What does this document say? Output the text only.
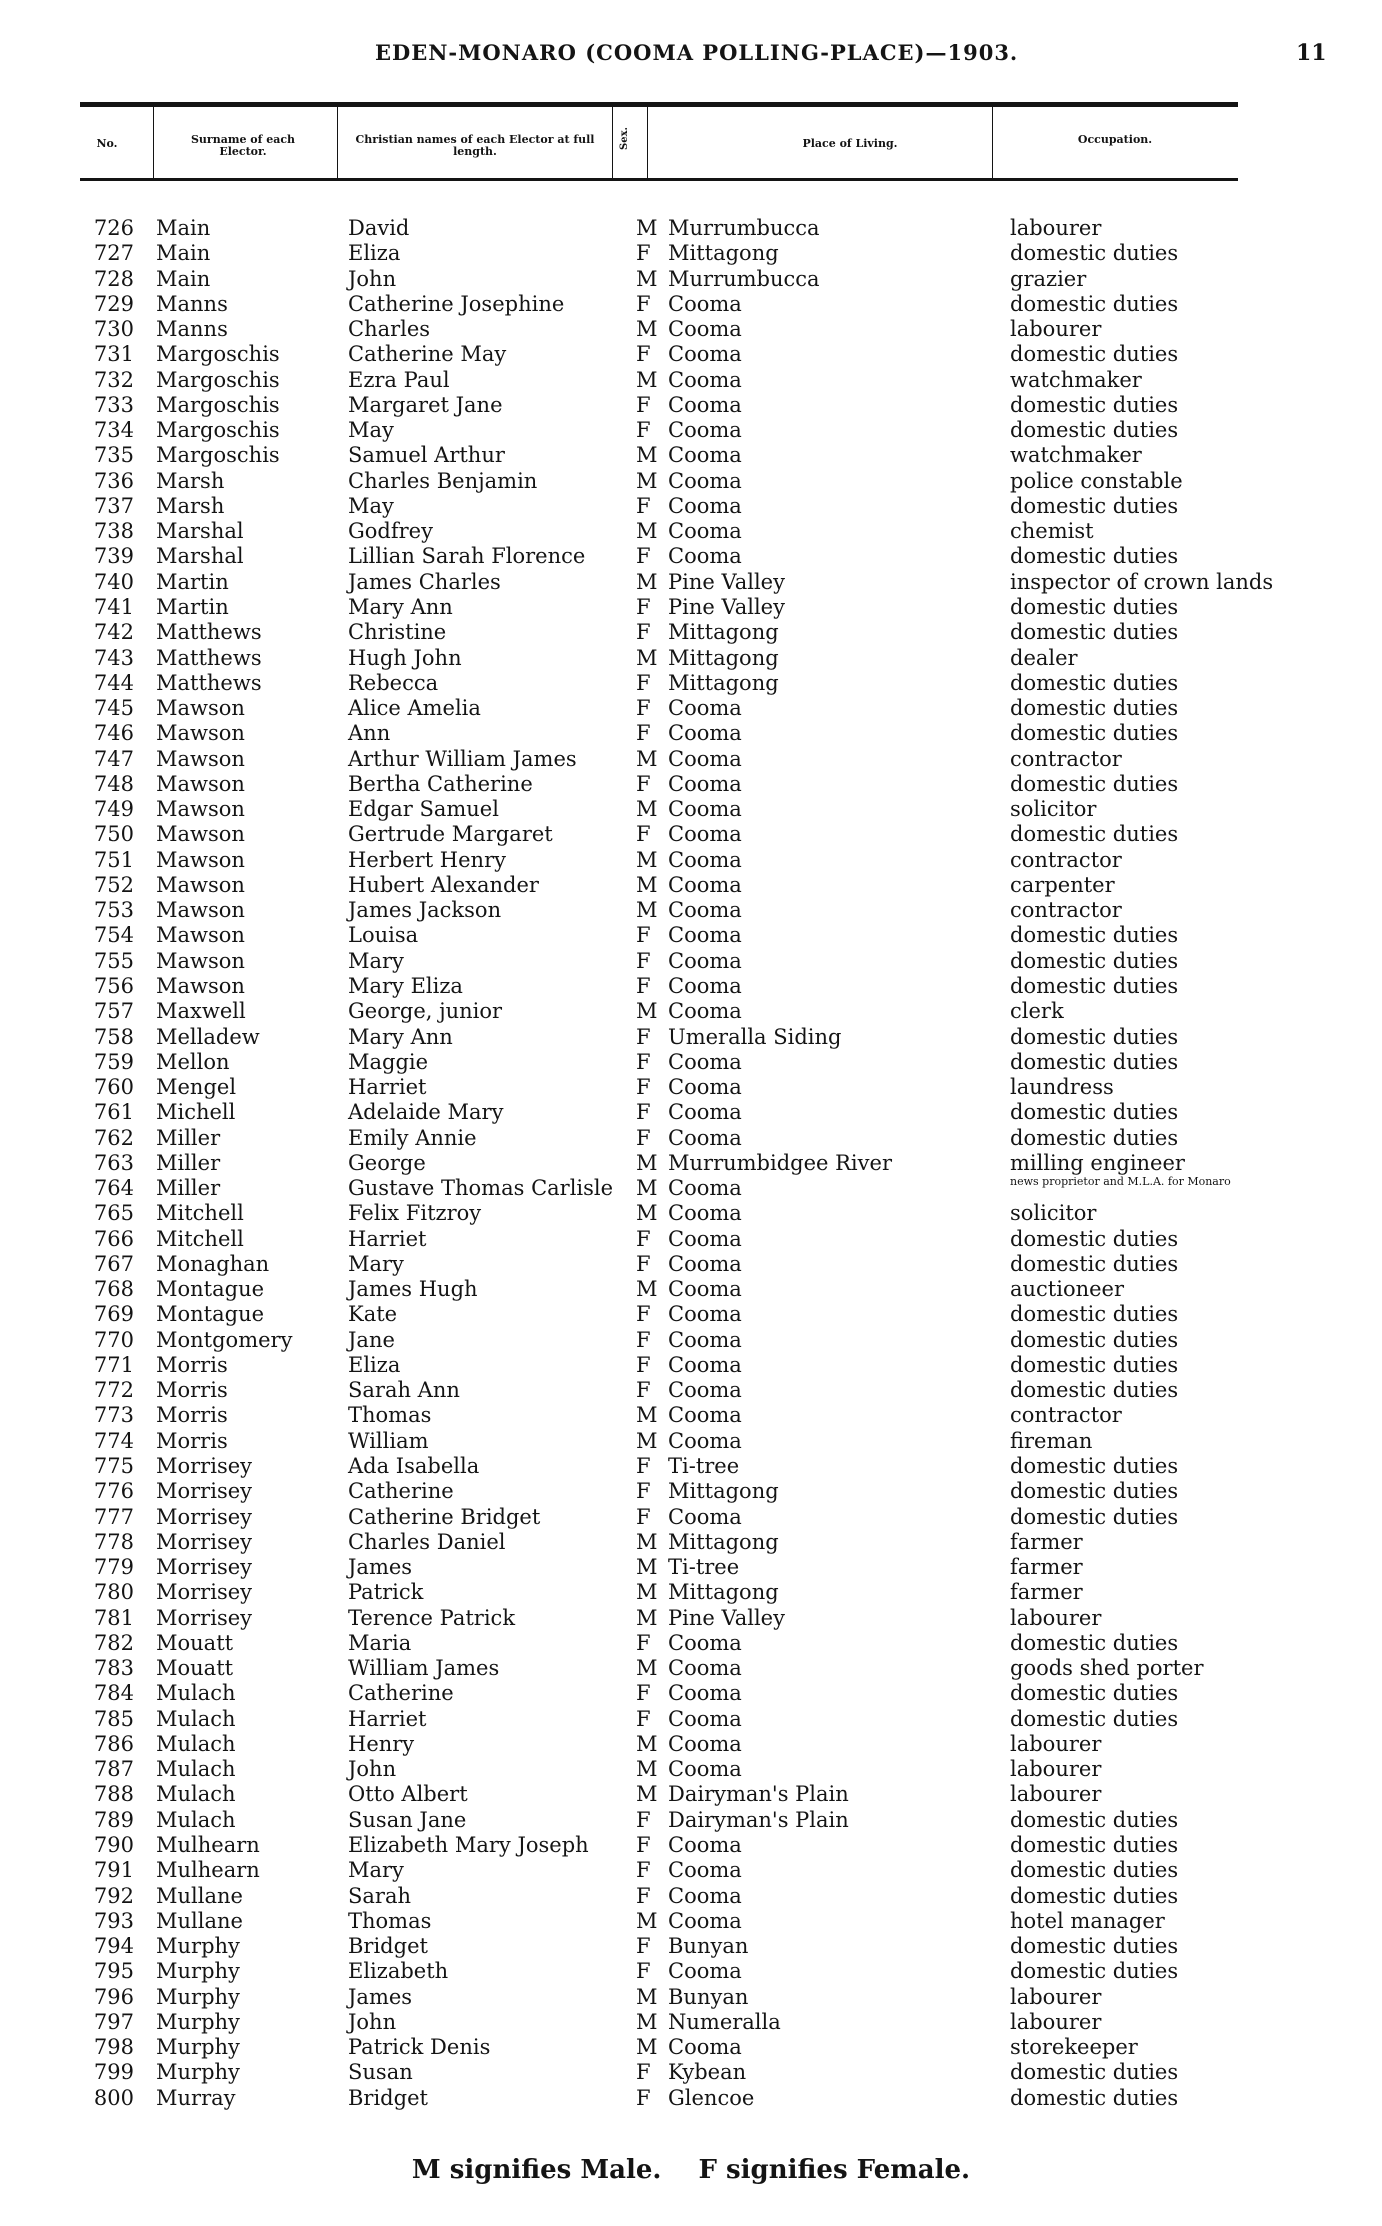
EDEN-MONARO (COOMA POLLING-PLACE)—1903.	11
No.	Surname of each Elector.
Christian names of each Elector at full length.
Sex.	Place of Living.	Occupation.
726 Main	David	M Murrumbucca	labourer
727 Main	Eliza	F Mittagong	domestic duties
728 Main	John	M Murrumbucca	grazier
729 Manns	Catherine Josephine	F Cooma	domestic duties
730 Manns	Charles	M Cooma	labourer
731 Margoschis	Catherine May	F Cooma	domestic duties
732 Margoschis	Ezra Paul	M Cooma	watchmaker
733 Margoschis	Margaret Jane	F Cooma	domestic duties
734 Margoschis	May	F Cooma	domestic duties
735 Margoschis	Samuel Arthur	M Cooma	watchmaker
736 Marsh	Charles Benjamin	M Cooma	police constable
737 Marsh	May	F Cooma	domestic duties
738 Marshal	Godfrey	M Cooma	chemist
739 Marshal	Lillian Sarah Florence F Cooma	domestic duties
740 Martin	James Charles	M Pine Valley	inspector of crown lands
741 Martin	Mary Ann	F Pine Valley	domestic duties
742 Matthews	Christine	F Mittagong	domestic duties
743 Matthews	Hugh John	M Mittagong	dealer
744 Matthews	Rebecca	F Mittagong	domestic duties
745 Mawson	Alice Amelia	F Cooma	domestic duties
746 Mawson	Ann	F Cooma	domestic duties
747 Mawson	Arthur William James	M Cooma	contractor
748 Mawson	Bertha Catherine	F Cooma	domestic duties
749 Mawson	Edgar Samuel	M Cooma	solicitor
750 Mawson	Gertrude Margaret	F Cooma	domestic duties
751 Mawson	Herbert Henry	M Cooma	contractor
752 Mawson	Hubert Alexander	M Cooma	carpenter
753 Mawson	James Jackson	M Cooma	contractor
754 Mawson	Louisa	F Cooma	domestic duties
755 Mawson	Mary	F Cooma	domestic duties
756 Mawson	Mary Eliza	F Cooma	domestic duties
757 Maxwell	George, junior	M Cooma	clerk
758 Melladew	Mary Ann	F Umeralla Siding	domestic duties
759 Mellon	Maggie	F Cooma	domestic duties
760 Mengel	Harriet	F Cooma	laundress
761 Michell	Adelaide Mary	F Cooma	domestic duties
762 Miller	Emily Annie	F Cooma	domestic duties
763 Miller	George	M Murrumbidgee River	milling engineer
764 Miller	Gustave Thomas Carlisle M Cooma	news proprietor and M.L.A. for Monaro
765 Mitchell	Felix Fitzroy	M Cooma	solicitor
766 Mitchell	Harriet	F Cooma	domestic duties
767 Monaghan	Mary	F Cooma	domestic duties
768 Montague	James Hugh	M Cooma	auctioneer
769 Montague	Kate	F Cooma	domestic duties
770 Montgomery	Jane	F Cooma	domestic duties
771 Morris	Eliza	F Cooma	domestic duties
772 Morris	Sarah Ann	F Cooma	domestic duties
773 Morris	Thomas	M Cooma	contractor
774 Morris	William	M Cooma	fireman
775 Morrisey	Ada Isabella	F Ti-tree	domestic duties
776 Morrisey	Catherine	F Mittagong	domestic duties
777 Morrisey	Catherine Bridget	F Cooma	domestic duties
778 Morrisey	Charles Daniel	M Mittagong	farmer
779 Morrisey	James	M Ti-tree	farmer
780 Morrisey	Patrick	M Mittagong	farmer
781 Morrisey	Terence Patrick	M Pine Valley	labourer
782 Mouatt	Maria	F Cooma	domestic duties
783 Mouatt	William James	M Cooma	goods shed porter
784 Mulach	Catherine	F Cooma	domestic duties
785 Mulach	Harriet	F Cooma	domestic duties
786 Mulach	Henry	M Cooma	labourer
787 Mulach	John	M Cooma	labourer
788 Mulach	Otto Albert	M Dairyman's Plain	labourer
789 Mulach	Susan Jane	F Dairyman's Plain	domestic duties
790 Mulhearn	Elizabeth Mary Joseph F Cooma	domestic duties
791 Mulhearn	Mary	F Cooma	domestic duties
792 Mullane	Sarah	F Cooma	domestic duties
793 Mullane	Thomas	M Cooma	hotel manager
794 Murphy	Bridget	F Bunyan	domestic duties
795 Murphy	Elizabeth	F Cooma	domestic duties
796 Murphy	James	M Bunyan	labourer
797 Murphy	John	M Numeralla	labourer
798 Murphy	Patrick Denis	M Cooma	storekeeper
799 Murphy	Susan	F Kybean	domestic duties
800 Murray	Bridget	F Glencoe	domestic duties
M signifies Male. F signifies Female.
